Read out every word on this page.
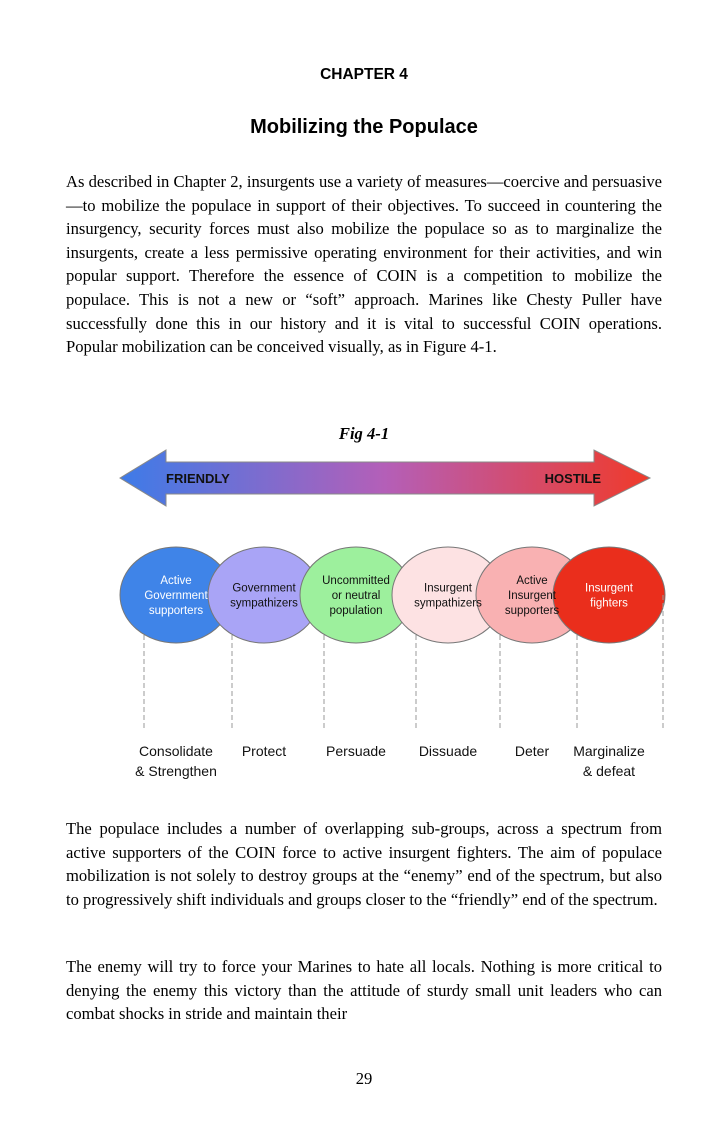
CHAPTER 4
Mobilizing the Populace

As described in Chapter 2, insurgents use a variety of measures—coercive and persuasive—to mobilize the populace in support of their objectives. To succeed in countering the insurgency, security forces must also mobilize the populace so as to marginalize the insurgents, create a less permissive operating environment for their activities, and win popular support. Therefore the essence of COIN is a competition to mobilize the populace. This is not a new or “soft” approach. Marines like Chesty Puller have successfully done this in our history and it is vital to successful COIN operations. Popular mobilization can be conceived visually, as in Figure 4-1.

Fig 4-1
FRIENDLY	HOSTILE
Active
Government
supporters
Consolidate
& Strengthen
Government
sympathizers
Protect
Uncommitted
or neutral
population
Persuade
Insurgent
sympathizers
Dissuade
Active
Insurgent
supporters
Deter
Insurgent
fighters
Marginalize
& defeat

The populace includes a number of overlapping sub-groups, across a spectrum from active supporters of the COIN force to active insurgent fighters. The aim of populace mobilization is not solely to destroy groups at the “enemy” end of the spectrum, but also to progressively shift individuals and groups closer to the “friendly” end of the spectrum.

The enemy will try to force your Marines to hate all locals. Nothing is more critical to denying the enemy this victory than the attitude of sturdy small unit leaders who can combat shocks in stride and maintain their

29
